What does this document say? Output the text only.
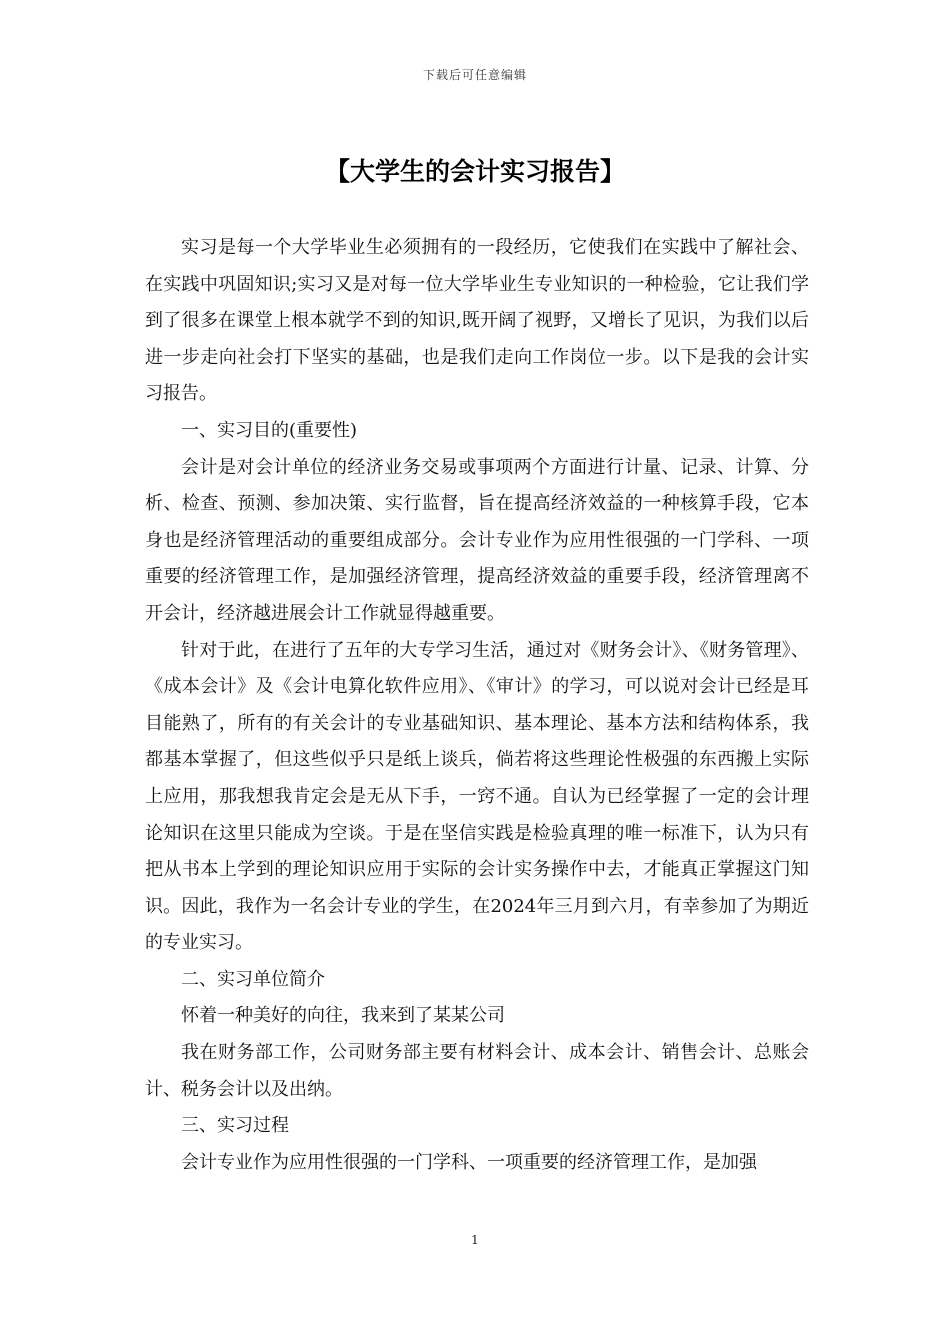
下载后可任意编辑
【大学生的会计实习报告】

实习是每一个大学毕业生必须拥有的一段经历，它使我们在实践中了解社会、在实践中巩固知识;实习又是对每一位大学毕业生专业知识的一种检验，它让我们学到了很多在课堂上根本就学不到的知识,既开阔了视野，又增长了见识，为我们以后进一步走向社会打下坚实的基础，也是我们走向工作岗位一步。以下是我的会计实习报告。

一、实习目的(重要性)

会计是对会计单位的经济业务交易或事项两个方面进行计量、记录、计算、分析、检查、预测、参加决策、实行监督，旨在提高经济效益的一种核算手段，它本身也是经济管理活动的重要组成部分。会计专业作为应用性很强的一门学科、一项重要的经济管理工作，是加强经济管理，提高经济效益的重要手段，经济管理离不开会计，经济越进展会计工作就显得越重要。

针对于此，在进行了五年的大专学习生活，通过对《财务会计》、《财务管理》、《成本会计》及《会计电算化软件应用》、《审计》的学习，可以说对会计已经是耳目能熟了，所有的有关会计的专业基础知识、基本理论、基本方法和结构体系，我都基本掌握了，但这些似乎只是纸上谈兵，倘若将这些理论性极强的东西搬上实际上应用，那我想我肯定会是无从下手，一窍不通。自认为已经掌握了一定的会计理论知识在这里只能成为空谈。于是在坚信实践是检验真理的唯一标准下，认为只有把从书本上学到的理论知识应用于实际的会计实务操作中去，才能真正掌握这门知识。因此，我作为一名会计专业的学生，在2024年三月到六月，有幸参加了为期近的专业实习。

二、实习单位简介

怀着一种美好的向往，我来到了某某公司

我在财务部工作，公司财务部主要有材料会计、成本会计、销售会计、总账会计、税务会计以及出纳。

三、实习过程

会计专业作为应用性很强的一门学科、一项重要的经济管理工作，是加强

1
